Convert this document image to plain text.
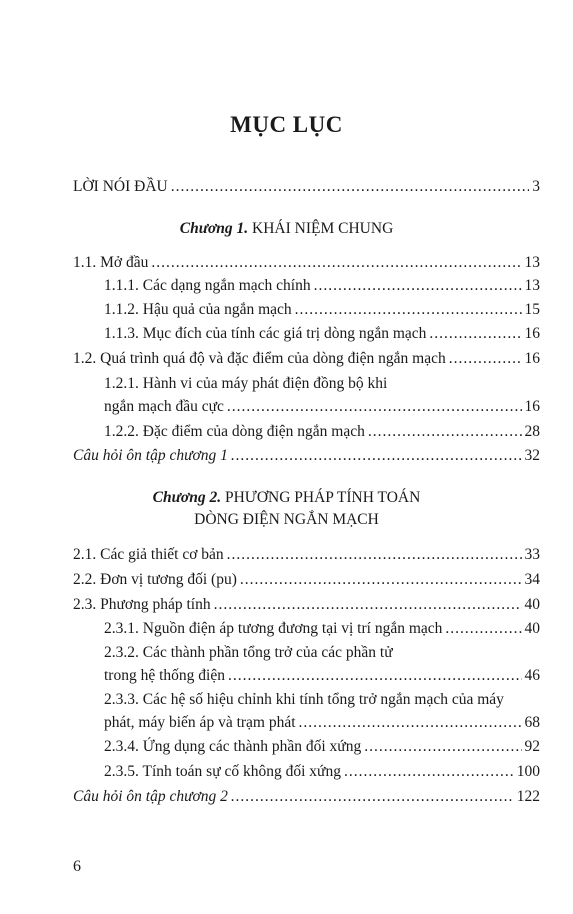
MỤC LỤC
LỜI NÓI ĐẦU .....	3
Chương 1. KHÁI NIỆM CHUNG
1.1. Mở đầu .....	13
1.1.1. Các dạng ngắn mạch chính .....	13
1.1.2. Hậu quả của ngắn mạch .....	15
1.1.3. Mục đích của tính các giá trị dòng ngắn mạch .....	16
1.2. Quá trình quá độ và đặc điểm của dòng điện ngắn mạch .....	16
1.2.1. Hành vi của máy phát điện đồng bộ khi
ngắn mạch đầu cực .....	16
1.2.2. Đặc điểm của dòng điện ngắn mạch .....	28
Câu hỏi ôn tập chương 1 .....	32
Chương 2. PHƯƠNG PHÁP TÍNH TOÁN
DÒNG ĐIỆN NGẮN MẠCH
2.1. Các giả thiết cơ bản .....	33
2.2. Đơn vị tương đối (pu) .....	34
2.3. Phương pháp tính .....	40
2.3.1. Nguồn điện áp tương đương tại vị trí ngắn mạch .....	40
2.3.2. Các thành phần tổng trở của các phần tử
trong hệ thống điện .....	46
2.3.3. Các hệ số hiệu chỉnh khi tính tổng trở ngắn mạch của máy
phát, máy biến áp và trạm phát .....	68
2.3.4. Ứng dụng các thành phần đối xứng .....	92
2.3.5. Tính toán sự cố không đối xứng .....	100
Câu hỏi ôn tập chương 2 .....	122
6
